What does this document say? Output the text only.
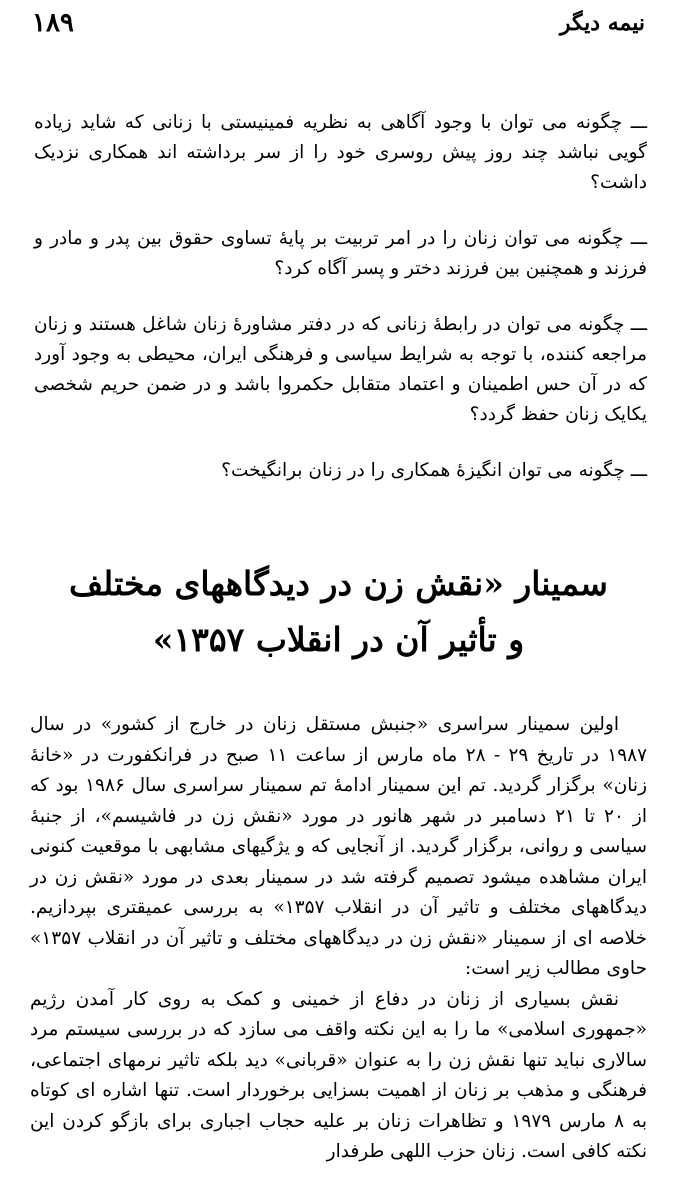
۱۸۹	نیمه دیگر

ـــ چگونه می توان با وجود آگاهی به نظریه فمینیستی با زنانی که شاید زیاده گویی نباشد چند روز پیش روسری خود را از سر برداشته اند همکاری نزدیک داشت؟

ـــ چگونه می توان زنان را در امر تربیت بر پایهٔ تساوی حقوق بین پدر و مادر و فرزند و همچنین بین فرزند دختر و پسر آگاه کرد؟

ـــ چگونه می توان در رابطهٔ زنانی که در دفتر مشاورهٔ زنان شاغل هستند و زنان مراجعه کننده، با توجه به شرایط سیاسی و فرهنگی ایران، محیطی به وجود آورد که در آن حس اطمینان و اعتماد متقابل حکمروا باشد و در ضمن حریم شخصی یکایک زنان حفظ گردد؟

ـــ چگونه می توان انگیزهٔ همکاری را در زنان برانگیخت؟

سمینار «نقش زن در دیدگاههای مختلف
و تأثیر آن در انقلاب ۱۳۵۷»

اولین سمینار سراسری «جنبش مستقل زنان در خارج از کشور» در سال ۱۹۸۷ در تاریخ ۲۹ - ۲۸ ماه مارس از ساعت ۱۱ صبح در فرانکفورت در «خانهٔ زنان» برگزار گردید. تم این سمینار ادامهٔ تم سمینار سراسری سال ۱۹۸۶ بود که از ۲۰ تا ۲۱ دسامبر در شهر هانور در مورد «نقش زن در فاشیسم»، از جنبهٔ سیاسی و روانی، برگزار گردید. از آنجایی که و یژگیهای مشابهی با موقعیت کنونی ایران مشاهده میشود تصمیم گرفته شد در سمینار بعدی در مورد «نقش زن در دیدگاههای مختلف و تاثیر آن در انقلاب ۱۳۵۷» به بررسی عمیقتری بپردازیم. خلاصه ای از سمینار «نقش زن در دیدگاههای مختلف و تاثیر آن در انقلاب ۱۳۵۷» حاوی مطالب زیر است:

نقش بسیاری از زنان در دفاع از خمینی و کمک به روی کار آمدن رژیم «جمهوری اسلامی» ما را به این نکته واقف می سازد که در بررسی سیستم مرد سالاری نباید تنها نقش زن را به عنوان «قربانی» دید بلکه تاثیر نرمهای اجتماعی، فرهنگی و مذهب بر زنان از اهمیت بسزایی برخوردار است. تنها اشاره ای کوتاه به ۸ مارس ۱۹۷۹ و تظاهرات زنان بر علیه حجاب اجباری برای بازگو کردن این نکته کافی است. زنان حزب اللهی طرفدار
